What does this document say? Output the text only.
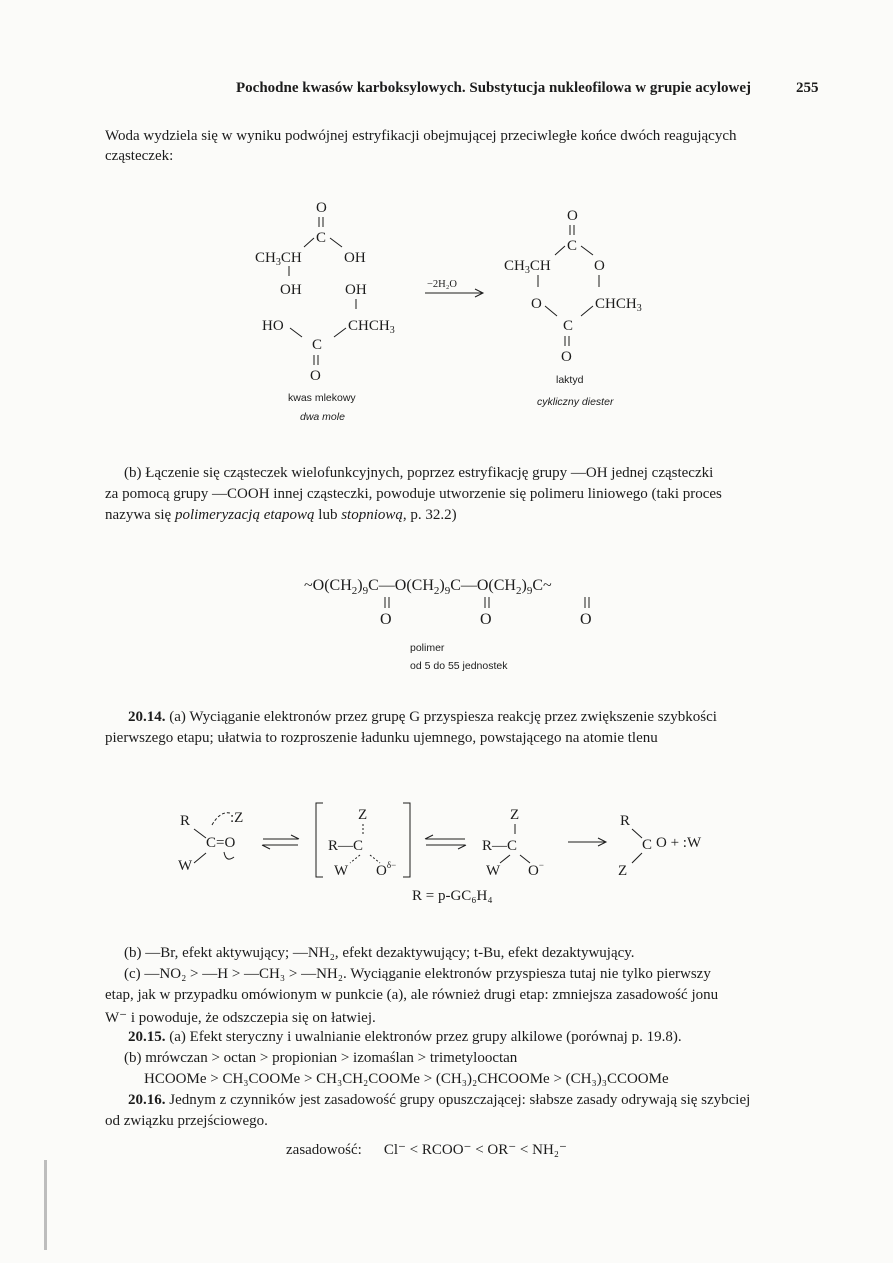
Pochodne kwasów karboksylowych. Substytucja nukleofilowa w grupie acylowej	255
Woda wydziela się w wyniku podwójnej estryfikacji obejmującej przeciwległe końce dwóch reagujących
cząsteczek:
O
C
$CH_3CH$	OH
OH	OH
HO	$CHCH_3$
C
O
O
C
$CH_3CH$	O
O	$CHCH_3$
C
O
−2H₂O
kwas mlekowy
dwa mole
laktyd
cykliczny diester
(b) Łączenie się cząsteczek wielofunkcyjnych, poprzez estryfikację grupy —OH jednej cząsteczki
za pomocą grupy —COOH innej cząsteczki, powoduje utworzenie się polimeru liniowego (taki proces
nazywa się polimeryzacją etapową lub stopniową, p. 32.2)
$\sim O(CH_2)_9C—O(CH_2)_9C—O(CH_2)_9C\sim$
O	O	O
polimer
od 5 do 55 jednostek
20.14. (a) Wyciąganie elektronów przez grupę G przyspiesza reakcję przez zwiększenie szybkości
pierwszego etapu; ułatwia to rozproszenie ładunku ujemnego, powstającego na atomie tlenu
R	:Z
C=O
W
Z
R—C
W $O^{\delta-}$
Z
R—C
W O−
R
C
Z
O + :W
R = p-GC₆H₄
(b) —Br, efekt aktywujący; —NH₂, efekt dezaktywujący; t-Bu, efekt dezaktywujący.
(c) —NO₂ > —H > —CH₃ > —NH₂. Wyciąganie elektronów przyspiesza tutaj nie tylko pierwszy
etap, jak w przypadku omówionym w punkcie (a), ale również drugi etap: zmniejsza zasadowość jonu
W⁻ i powoduje, że odszczepia się on łatwiej.
20.15. (a) Efekt steryczny i uwalnianie elektronów przez grupy alkilowe (porównaj p. 19.8).
(b) mrówczan > octan > propionian > izomaślan > trimetylooctan
HCOOMe > CH₃COOMe > CH₃CH₂COOMe > (CH₃)₂CHCOOMe > (CH₃)₃CCOOMe
20.16. Jednym z czynników jest zasadowość grupy opuszczającej: słabsze zasady odrywają się szybciej
od związku przejściowego.
zasadowość: Cl⁻ < RCOO⁻ < OR⁻ < NH₂⁻
